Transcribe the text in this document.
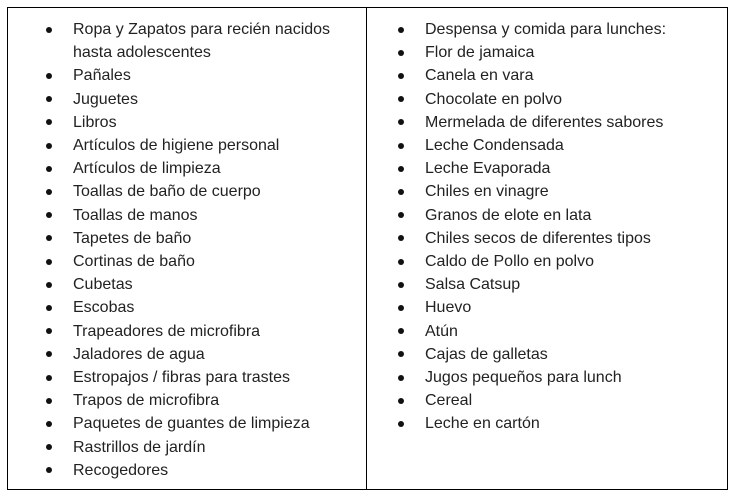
Ropa y Zapatos para recién nacidos hasta adolescentes
Pañales
Juguetes
Libros
Artículos de higiene personal
Artículos de limpieza
Toallas de baño de cuerpo
Toallas de manos
Tapetes de baño
Cortinas de baño
Cubetas
Escobas
Trapeadores de microfibra
Jaladores de agua
Estropajos / fibras para trastes
Trapos de microfibra
Paquetes de guantes de limpieza
Rastrillos de jardín
Recogedores
Despensa y comida para lunches:
Flor de jamaica
Canela en vara
Chocolate en polvo
Mermelada de diferentes sabores
Leche Condensada
Leche Evaporada
Chiles en vinagre
Granos de elote en lata
Chiles secos de diferentes tipos
Caldo de Pollo en polvo
Salsa Catsup
Huevo
Atún
Cajas de galletas
Jugos pequeños para lunch
Cereal
Leche en cartón
